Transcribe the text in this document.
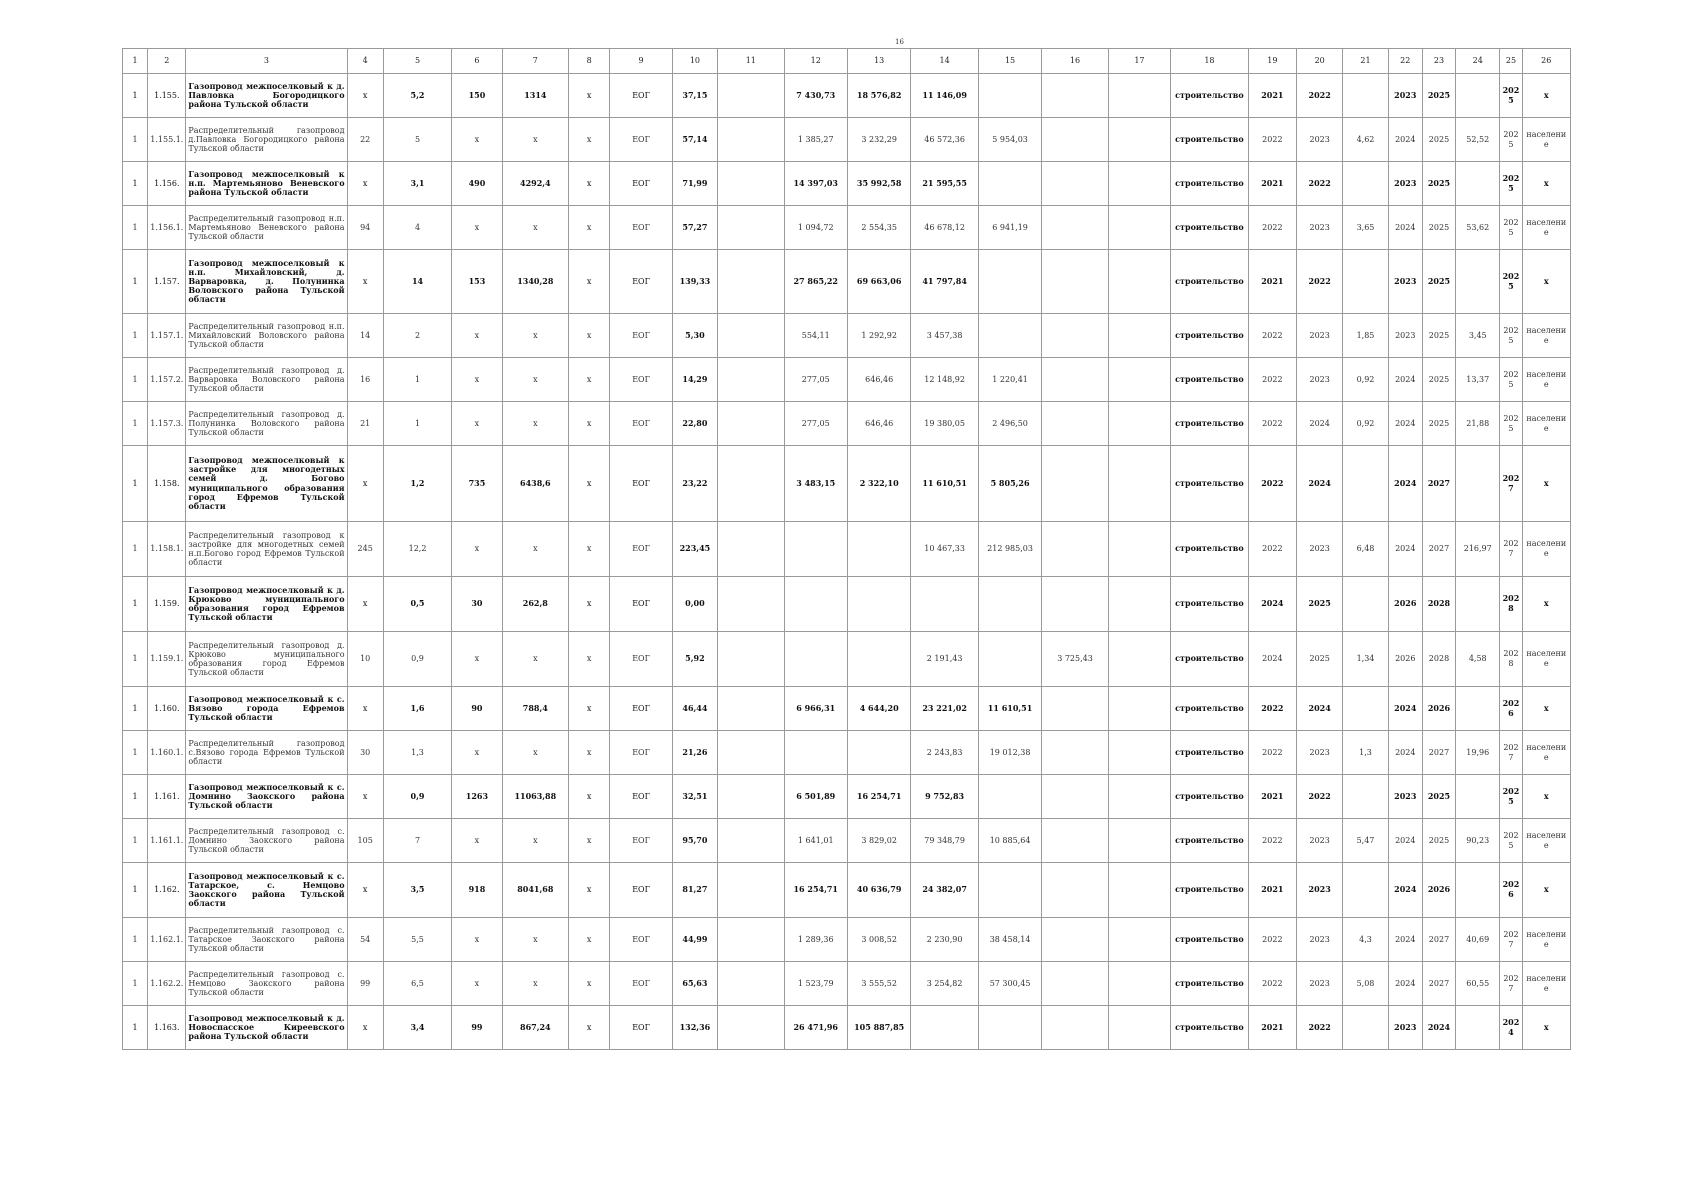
16
1	2	3	4	5	6	7	8	9	10	11	12	13	14	15	16	17	18	19	20	21	22	23	24	25	26
1	1.155.	Газопровод межпоселковый к д. Павловка Богородицкого района Тульской области	х	5,2	150	1314	х	ЕОГ	37,15		7 430,73	18 576,82	11 146,09				строительство	2021	2022		2023	2025		2025	х
1	1.155.1.	Распределительный газопровод д.Павловка Богородицкого района Тульской области	22	5	х	х	х	ЕОГ	57,14		1 385,27	3 232,29	46 572,36	5 954,03			строительство	2022	2023	4,62	2024	2025	52,52	2025	население
1	1.156.	Газопровод межпоселковый к н.п. Мартемьяново Веневского района Тульской области	х	3,1	490	4292,4	х	ЕОГ	71,99		14 397,03	35 992,58	21 595,55				строительство	2021	2022		2023	2025		2025	х
1	1.156.1.	Распределительный газопровод н.п. Мартемьяново Веневского района Тульской области	94	4	х	х	х	ЕОГ	57,27		1 094,72	2 554,35	46 678,12	6 941,19			строительство	2022	2023	3,65	2024	2025	53,62	2025	население
1	1.157.	Газопровод межпоселковый к н.п. Михайловский, д. Варваровка, д. Полунинка Воловского района Тульской области	х	14	153	1340,28	х	ЕОГ	139,33		27 865,22	69 663,06	41 797,84				строительство	2021	2022		2023	2025		2025	х
1	1.157.1.	Распределительный газопровод н.п. Михайловский Воловского района Тульской области	14	2	х	х	х	ЕОГ	5,30		554,11	1 292,92	3 457,38				строительство	2022	2023	1,85	2023	2025	3,45	2025	население
1	1.157.2.	Распределительный газопровод д. Варваровка Воловского района Тульской области	16	1	х	х	х	ЕОГ	14,29		277,05	646,46	12 148,92	1 220,41			строительство	2022	2023	0,92	2024	2025	13,37	2025	население
1	1.157.3.	Распределительный газопровод д. Полунинка Воловского района Тульской области	21	1	х	х	х	ЕОГ	22,80		277,05	646,46	19 380,05	2 496,50			строительство	2022	2024	0,92	2024	2025	21,88	2025	население
1	1.158.	Газопровод межпоселковый к застройке для многодетных семей д. Богово муниципального образования город Ефремов Тульской области	х	1,2	735	6438,6	х	ЕОГ	23,22		3 483,15	2 322,10	11 610,51	5 805,26			строительство	2022	2024		2024	2027		2027	х
1	1.158.1.	Распределительный газопровод к застройке для многодетных семей н.п.Богово город Ефремов Тульской области	245	12,2	х	х	х	ЕОГ	223,45				10 467,33	212 985,03			строительство	2022	2023	6,48	2024	2027	216,97	2027	население
1	1.159.	Газопровод межпоселковый к д. Крюково муниципального образования город Ефремов Тульской области	х	0,5	30	262,8	х	ЕОГ	0,00								строительство	2024	2025		2026	2028		2028	х
1	1.159.1.	Распределительный газопровод д. Крюково муниципального образования город Ефремов Тульской области	10	0,9	х	х	х	ЕОГ	5,92				2 191,43		3 725,43		строительство	2024	2025	1,34	2026	2028	4,58	2028	население
1	1.160.	Газопровод межпоселковый к с. Вязово города Ефремов Тульской области	х	1,6	90	788,4	х	ЕОГ	46,44		6 966,31	4 644,20	23 221,02	11 610,51			строительство	2022	2024		2024	2026		2026	х
1	1.160.1.	Распределительный газопровод с.Вязово города Ефремов Тульской области	30	1,3	х	х	х	ЕОГ	21,26				2 243,83	19 012,38			строительство	2022	2023	1,3	2024	2027	19,96	2027	население
1	1.161.	Газопровод межпоселковый к с. Домнино Заокского района Тульской области	х	0,9	1263	11063,88	х	ЕОГ	32,51		6 501,89	16 254,71	9 752,83				строительство	2021	2022		2023	2025		2025	х
1	1.161.1.	Распределительный газопровод с. Домнино Заокского района Тульской области	105	7	х	х	х	ЕОГ	95,70		1 641,01	3 829,02	79 348,79	10 885,64			строительство	2022	2023	5,47	2024	2025	90,23	2025	население
1	1.162.	Газопровод межпоселковый к с. Татарское, с. Немцово Заокского района Тульской области	х	3,5	918	8041,68	х	ЕОГ	81,27		16 254,71	40 636,79	24 382,07				строительство	2021	2023		2024	2026		2026	х
1	1.162.1.	Распределительный газопровод с. Татарское Заокского района Тульской области	54	5,5	х	х	х	ЕОГ	44,99		1 289,36	3 008,52	2 230,90	38 458,14			строительство	2022	2023	4,3	2024	2027	40,69	2027	население
1	1.162.2.	Распределительный газопровод с. Немцово Заокского района Тульской области	99	6,5	х	х	х	ЕОГ	65,63		1 523,79	3 555,52	3 254,82	57 300,45			строительство	2022	2023	5,08	2024	2027	60,55	2027	население
1	1.163.	Газопровод межпоселковый к д. Новоспасское Киреевского района Тульской области	х	3,4	99	867,24	х	ЕОГ	132,36		26 471,96	105 887,85					строительство	2021	2022		2023	2024		2024	х
